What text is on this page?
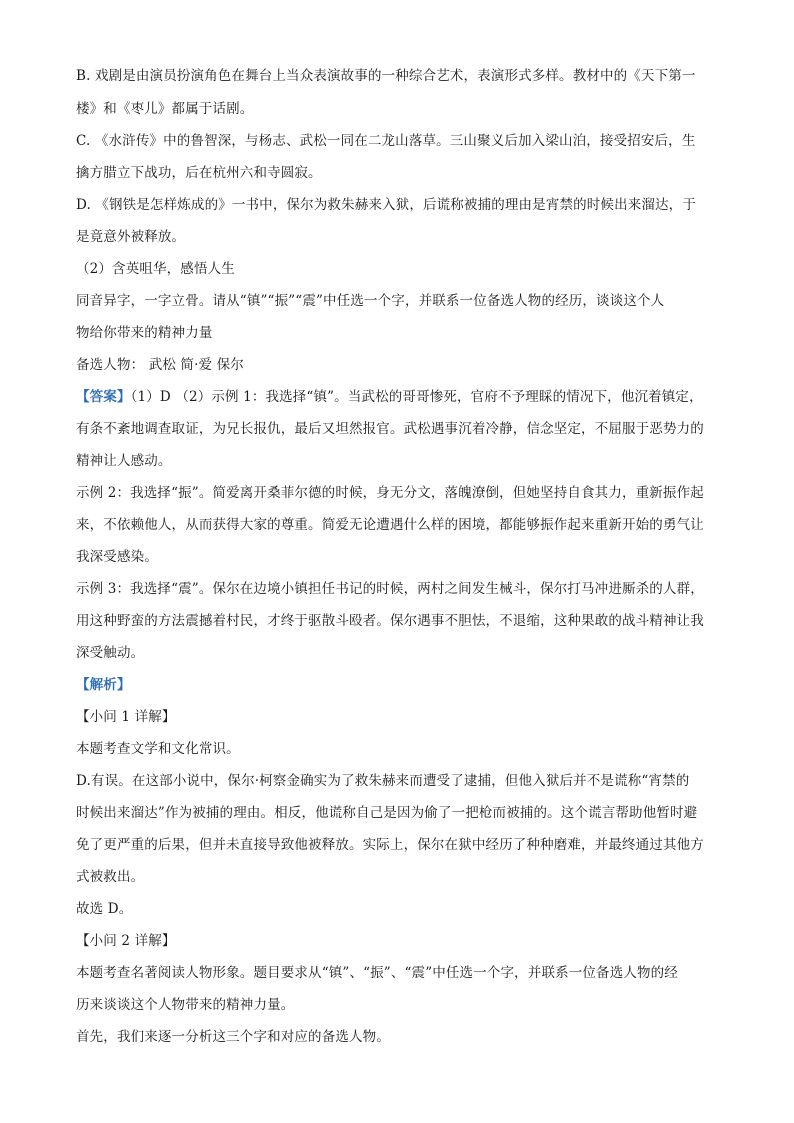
B. 戏剧是由演员扮演角色在舞台上当众表演故事的一种综合艺术，表演形式多样。教材中的《天下第一
楼》和《枣儿》都属于话剧。
C. 《水浒传》中的鲁智深，与杨志、武松一同在二龙山落草。三山聚义后加入梁山泊，接受招安后，生
擒方腊立下战功，后在杭州六和寺圆寂。
D. 《钢铁是怎样炼成的》一书中，保尔为救朱赫来入狱，后谎称被捕的理由是宵禁的时候出来溜达，于
是竟意外被释放。
（2）含英咀华，感悟人生
同音异字，一字立骨。请从“镇”“振”“震”中任选一个字，并联系一位备选人物的经历，谈谈这个人
物给你带来的精神力量
备选人物： 武松 简·爱 保尔
【答案】（1）D （2）示例 1：我选择“镇”。当武松的哥哥惨死，官府不予理睬的情况下，他沉着镇定，
有条不紊地调查取证，为兄长报仇，最后又坦然报官。武松遇事沉着冷静，信念坚定，不屈服于恶势力的
精神让人感动。
示例 2：我选择“振”。简爱离开桑菲尔德的时候，身无分文，落魄潦倒，但她坚持自食其力，重新振作起
来，不依赖他人，从而获得大家的尊重。简爱无论遭遇什么样的困境，都能够振作起来重新开始的勇气让
我深受感染。
示例 3：我选择“震”。保尔在边境小镇担任书记的时候，两村之间发生械斗，保尔打马冲进厮杀的人群，
用这种野蛮的方法震撼着村民，才终于驱散斗殴者。保尔遇事不胆怯，不退缩，这种果敢的战斗精神让我
深受触动。
【解析】
【小问 1 详解】
本题考查文学和文化常识。
D.有误。在这部小说中，保尔·柯察金确实为了救朱赫来而遭受了逮捕，但他入狱后并不是谎称“宵禁的
时候出来溜达”作为被捕的理由。相反，他谎称自己是因为偷了一把枪而被捕的。这个谎言帮助他暂时避
免了更严重的后果，但并未直接导致他被释放。实际上，保尔在狱中经历了种种磨难，并最终通过其他方
式被救出。
故选 D。
【小问 2 详解】
本题考查名著阅读人物形象。题目要求从“镇”、“振”、“震”中任选一个字，并联系一位备选人物的经
历来谈谈这个人物带来的精神力量。
首先，我们来逐一分析这三个字和对应的备选人物。
